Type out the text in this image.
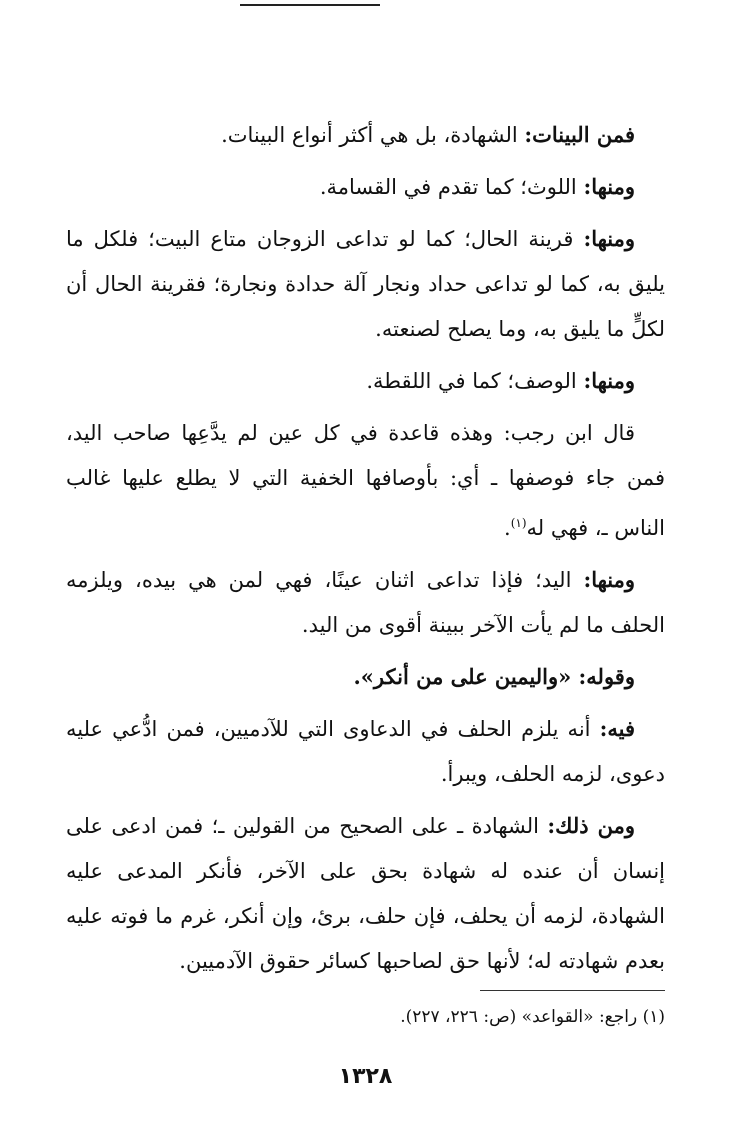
فمن البينات: الشهادة، بل هي أكثر أنواع البينات.

ومنها: اللوث؛ كما تقدم في القسامة.

ومنها: قرينة الحال؛ كما لو تداعى الزوجان متاع البيت؛ فلكل ما يليق به، كما لو تداعى حداد ونجار آلة حدادة ونجارة؛ فقرينة الحال أن لكلٍّ ما يليق به، وما يصلح لصنعته.

ومنها: الوصف؛ كما في اللقطة.

قال ابن رجب: وهذه قاعدة في كل عين لم يدَّعِها صاحب اليد، فمن جاء فوصفها ـ أي: بأوصافها الخفية التي لا يطلع عليها غالب الناس ـ، فهي له$^{(١)}$.

ومنها: اليد؛ فإذا تداعى اثنان عينًا، فهي لمن هي بيده، ويلزمه الحلف ما لم يأت الآخر ببينة أقوى من اليد.

وقوله: «واليمين على من أنكر».

فيه: أنه يلزم الحلف في الدعاوى التي للآدميين، فمن ادُّعي عليه دعوى، لزمه الحلف، ويبرأ.

ومن ذلك: الشهادة ـ على الصحيح من القولين ـ؛ فمن ادعى على إنسان أن عنده له شهادة بحق على الآخر، فأنكر المدعى عليه الشهادة، لزمه أن يحلف، فإن حلف، برئ، وإن أنكر، غرم ما فوته عليه بعدم شهادته له؛ لأنها حق لصاحبها كسائر حقوق الآدميين.

(١) راجع: «القواعد» (ص: ٢٢٦، ٢٢٧).
١٣٢٨
